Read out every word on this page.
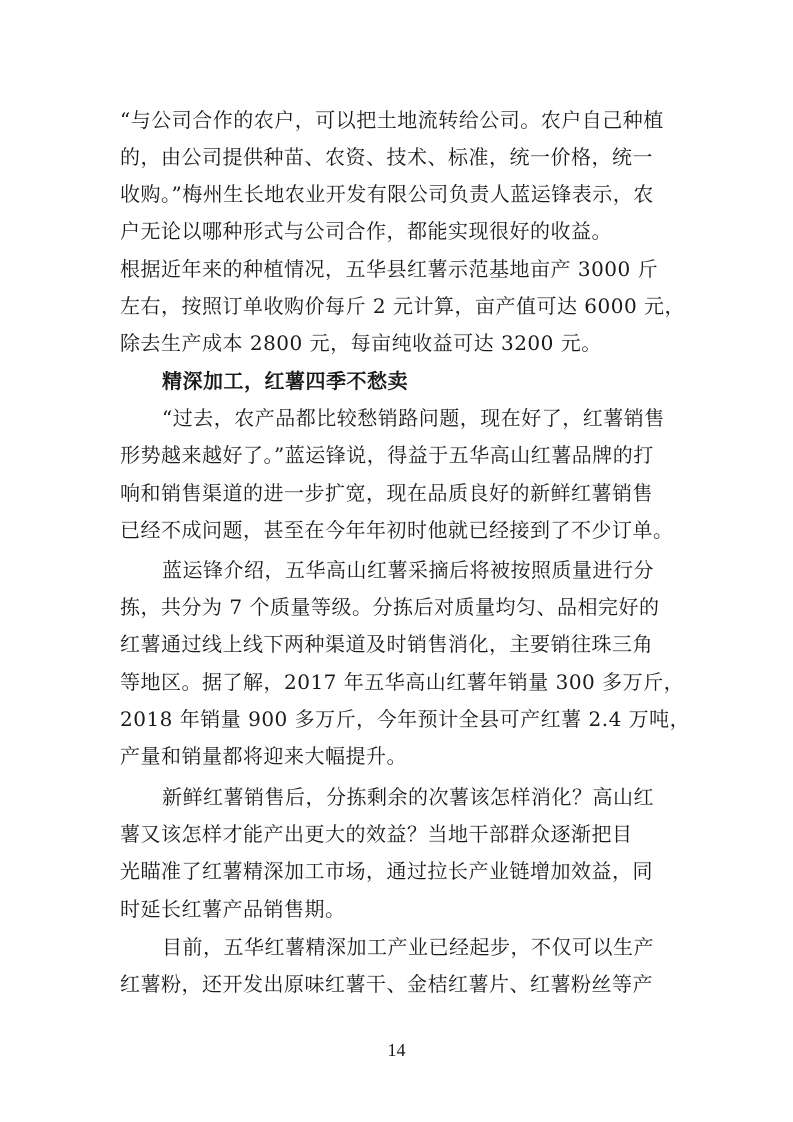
“与公司合作的农户，可以把土地流转给公司。农户自己种植
的，由公司提供种苗、农资、技术、标准，统一价格，统一
收购。”梅州生长地农业开发有限公司负责人蓝运锋表示，农
户无论以哪种形式与公司合作，都能实现很好的收益。
根据近年来的种植情况，五华县红薯示范基地亩产 3000 斤
左右，按照订单收购价每斤 2 元计算，亩产值可达 6000 元，
除去生产成本 2800 元，每亩纯收益可达 3200 元。
精深加工，红薯四季不愁卖
“过去，农产品都比较愁销路问题，现在好了，红薯销售
形势越来越好了。”蓝运锋说，得益于五华高山红薯品牌的打
响和销售渠道的进一步扩宽，现在品质良好的新鲜红薯销售
已经不成问题，甚至在今年年初时他就已经接到了不少订单。
蓝运锋介绍，五华高山红薯采摘后将被按照质量进行分
拣，共分为 7 个质量等级。分拣后对质量均匀、品相完好的
红薯通过线上线下两种渠道及时销售消化，主要销往珠三角
等地区。据了解，2017 年五华高山红薯年销量 300 多万斤，
2018 年销量 900 多万斤，今年预计全县可产红薯 2.4 万吨，
产量和销量都将迎来大幅提升。
新鲜红薯销售后，分拣剩余的次薯该怎样消化？高山红
薯又该怎样才能产出更大的效益？当地干部群众逐渐把目
光瞄准了红薯精深加工市场，通过拉长产业链增加效益，同
时延长红薯产品销售期。
目前，五华红薯精深加工产业已经起步，不仅可以生产
红薯粉，还开发出原味红薯干、金桔红薯片、红薯粉丝等产
14
